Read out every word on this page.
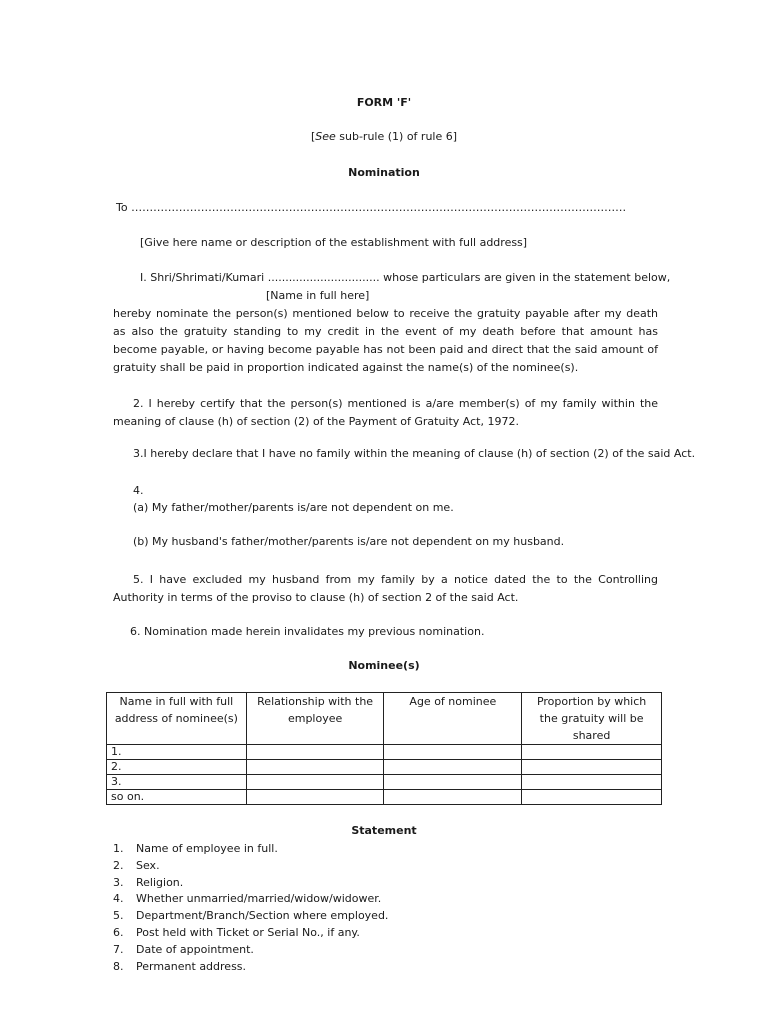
FORM 'F'
[See sub-rule (1) of rule 6]
Nomination
To ………………………………………………………………………………………………………………………
[Give here name or description of the establishment with full address]
I. Shri/Shrimati/Kumari ................................ whose particulars are given in the statement below,
[Name in full here]
hereby nominate the person(s) mentioned below to receive the gratuity payable after my death as also the gratuity standing to my credit in the event of my death before that amount has become payable, or having become payable has not been paid and direct that the said amount of gratuity shall be paid in proportion indicated against the name(s) of the nominee(s).
2. I hereby certify that the person(s) mentioned is a/are member(s) of my family within the meaning of clause (h) of section (2) of the Payment of Gratuity Act, 1972.
3.I hereby declare that I have no family within the meaning of clause (h) of section (2) of the said Act.
4.
(a) My father/mother/parents is/are not dependent on me.
(b) My husband's father/mother/parents is/are not dependent on my husband.
5. I have excluded my husband from my family by a notice dated the to the Controlling Authority in terms of the proviso to clause (h) of section 2 of the said Act.
6. Nomination made herein invalidates my previous nomination.
Nominee(s)
Name in full with full address of nominee(s)	Relationship with the employee	Age of nominee	Proportion by which the gratuity will be shared
1.			
2.			
3.			
so on.			
Statement
1. Name of employee in full.
2. Sex.
3. Religion.
4. Whether unmarried/married/widow/widower.
5. Department/Branch/Section where employed.
6. Post held with Ticket or Serial No., if any.
7. Date of appointment.
8. Permanent address.
